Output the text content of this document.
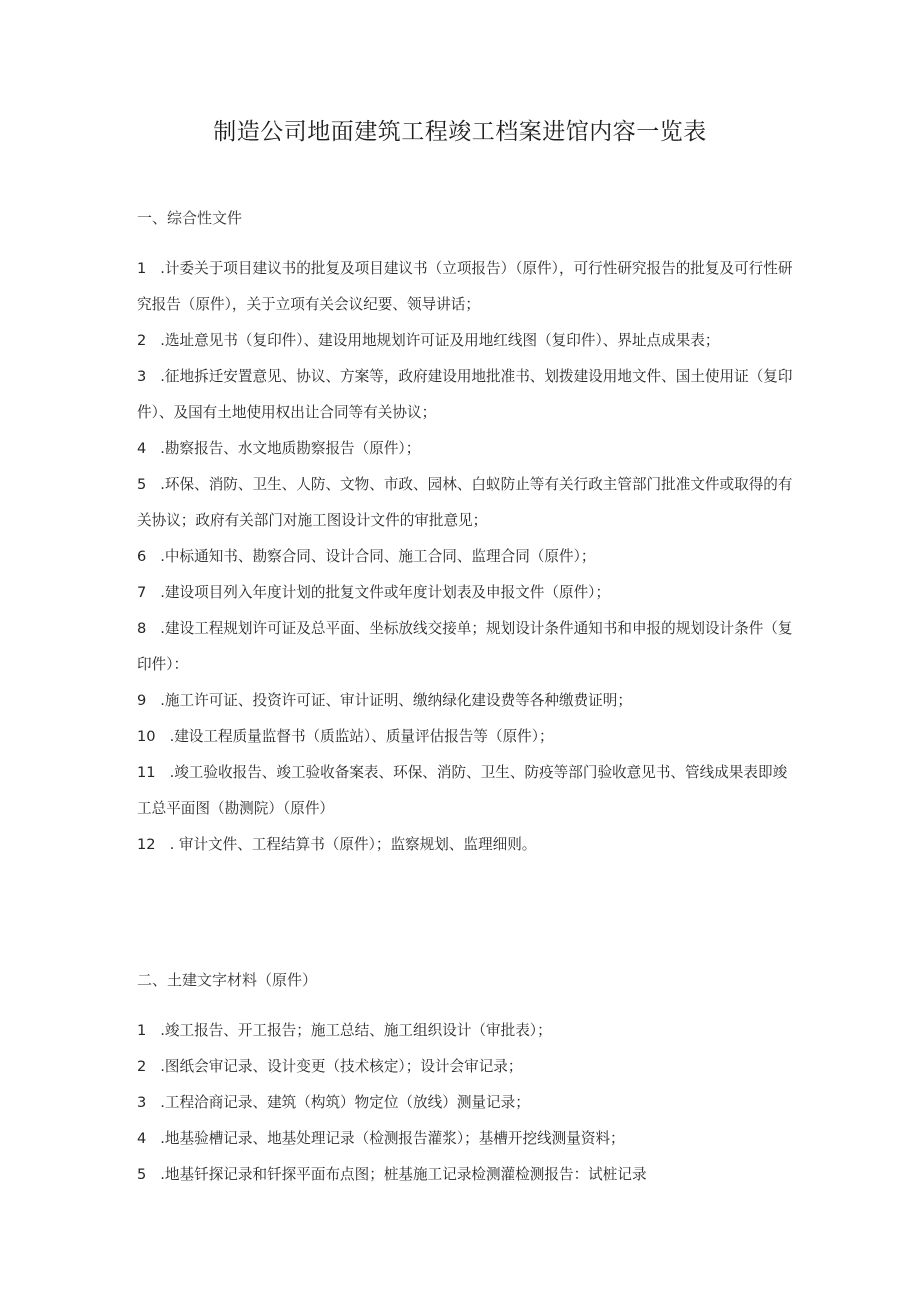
制造公司地面建筑工程竣工档案进馆内容一览表
一、综合性文件

1 .计委关于项目建议书的批复及项目建议书（立项报告）（原件），可行性研究报告的批复及可行性研究报告（原件），关于立项有关会议纪要、领导讲话；

2 .选址意见书（复印件）、建设用地规划许可证及用地红线图（复印件）、界址点成果表；

3 .征地拆迁安置意见、协议、方案等，政府建设用地批准书、划拨建设用地文件、国土使用证（复印件）、及国有土地使用权出让合同等有关协议；

4 .勘察报告、水文地质勘察报告（原件）；

5 .环保、消防、卫生、人防、文物、市政、园林、白蚁防止等有关行政主管部门批准文件或取得的有关协议；政府有关部门对施工图设计文件的审批意见；

6 .中标通知书、勘察合同、设计合同、施工合同、监理合同（原件）；

7 .建设项目列入年度计划的批复文件或年度计划表及申报文件（原件）；

8 .建设工程规划许可证及总平面、坐标放线交接单；规划设计条件通知书和申报的规划设计条件（复印件）：

9 .施工许可证、投资许可证、审计证明、缴纳绿化建设费等各种缴费证明；

10 .建设工程质量监督书（质监站）、质量评估报告等（原件）；

11 .竣工验收报告、竣工验收备案表、环保、消防、卫生、防疫等部门验收意见书、管线成果表即竣工总平面图（勘测院）（原件）

12 . 审计文件、工程结算书（原件）；监察规划、监理细则。

二、土建文字材料（原件）

1 .竣工报告、开工报告；施工总结、施工组织设计（审批表）；

2 .图纸会审记录、设计变更（技术核定）；设计会审记录；

3 .工程洽商记录、建筑（构筑）物定位（放线）测量记录；

4 .地基验槽记录、地基处理记录（检测报告灌浆）；基槽开挖线测量资料；

5 .地基钎探记录和钎探平面布点图；桩基施工记录检测灌检测报告：试桩记录
